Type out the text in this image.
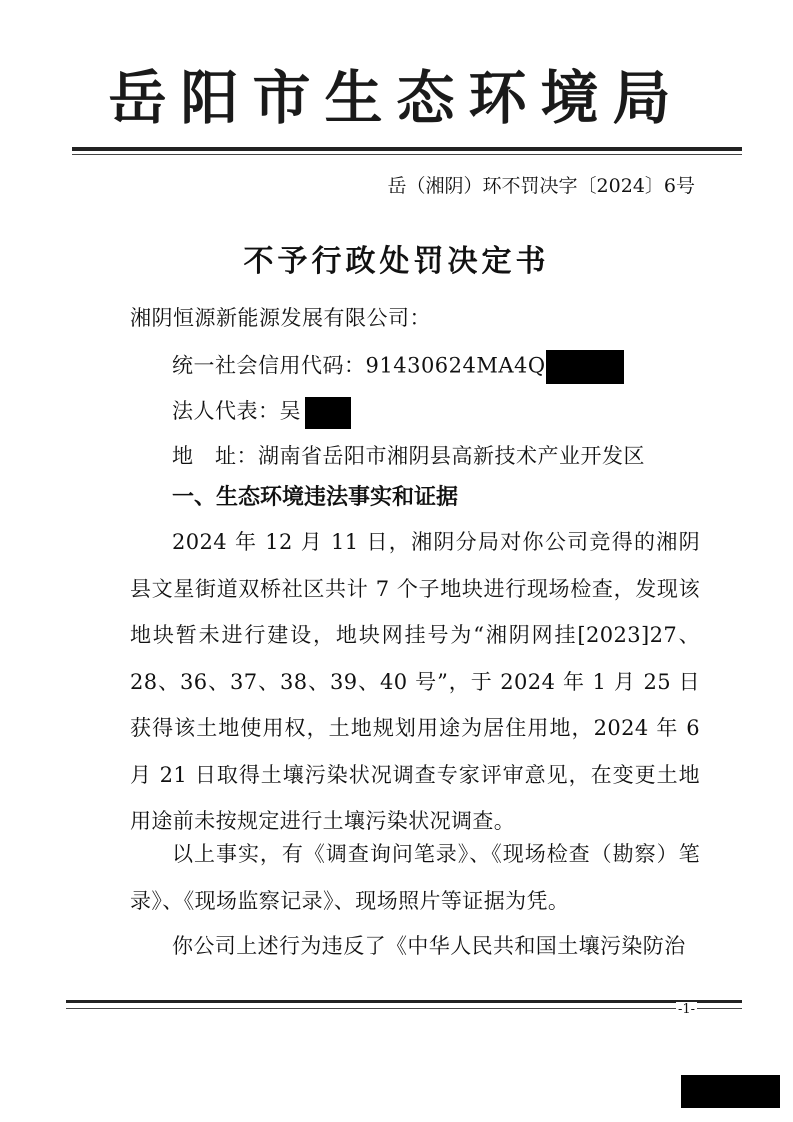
岳阳市生态环境局
岳（湘阴）环不罚决字〔2024〕6号
不予行政处罚决定书
湘阴恒源新能源发展有限公司：
统一社会信用代码：91430624MA4Q
法人代表：吴
地　址：湖南省岳阳市湘阴县高新技术产业开发区
一、生态环境违法事实和证据

2024 年 12 月 11 日，湘阴分局对你公司竞得的湘阴县文星街道双桥社区共计 7 个子地块进行现场检查，发现该地块暂未进行建设，地块网挂号为“湘阴网挂[2023]27、28、36、37、38、39、40 号”，于 2024 年 1 月 25 日获得该土地使用权，土地规划用途为居住用地，2024 年 6 月 21 日取得土壤污染状况调查专家评审意见，在变更土地用途前未按规定进行土壤污染状况调查。

以上事实，有《调查询问笔录》、《现场检查（勘察）笔录》、《现场监察记录》、现场照片等证据为凭。

你公司上述行为违反了《中华人民共和国土壤污染防治

-1-
